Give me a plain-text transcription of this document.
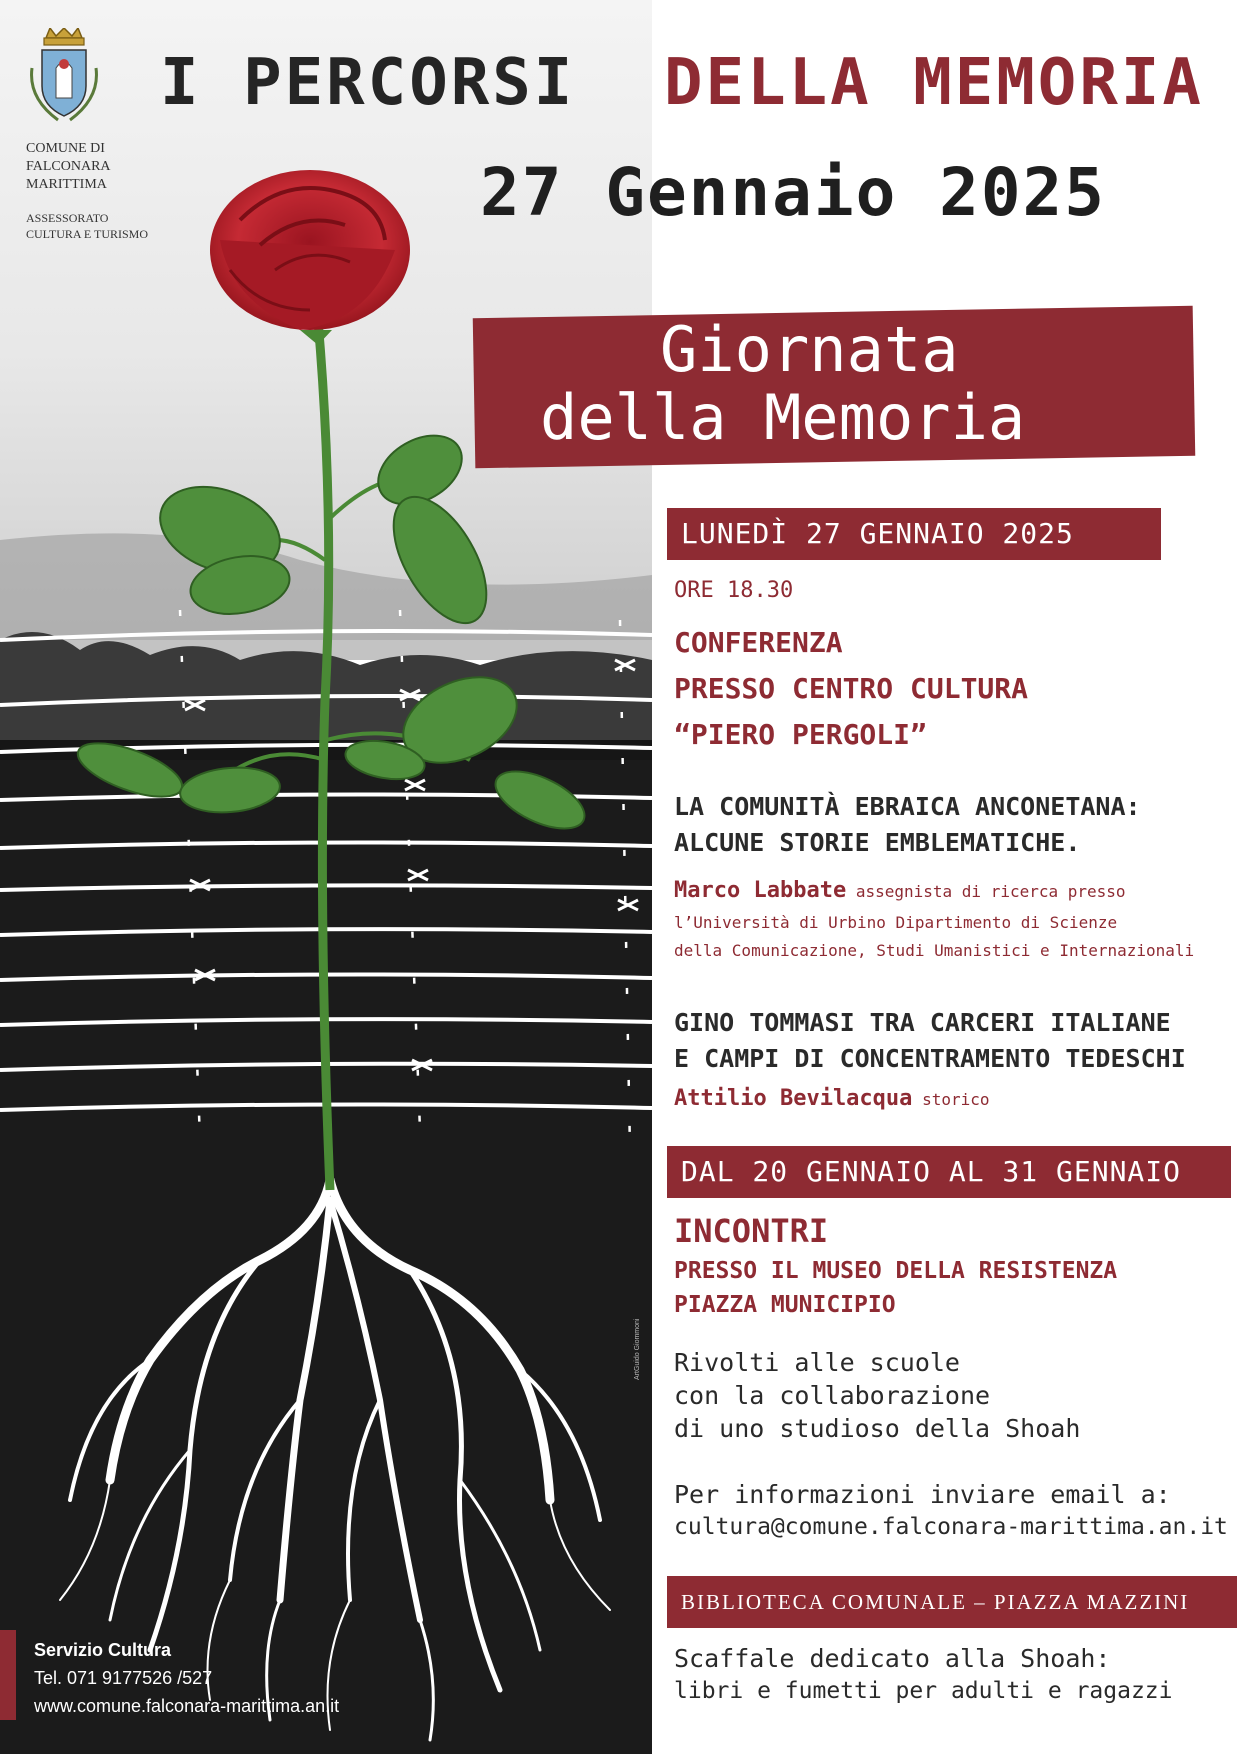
COMUNE DI
FALCONARA
MARITTIMA
ASSESSORATO
CULTURA E TURISMO
I PERCORSI DELLA MEMORIA
27 Gennaio 2025
Giornata
della Memoria
LUNEDÌ 27 GENNAIO 2025
ORE 18.30
CONFERENZA
PRESSO CENTRO CULTURA
“PIERO PERGOLI”
LA COMUNITÀ EBRAICA ANCONETANA:
ALCUNE STORIE EMBLEMATICHE.
Marco Labbate assegnista di ricerca presso
l’Università di Urbino Dipartimento di Scienze
della Comunicazione, Studi Umanistici e Internazionali
GINO TOMMASI TRA CARCERI ITALIANE
E CAMPI DI CONCENTRAMENTO TEDESCHI
Attilio Bevilacqua storico
DAL 20 GENNAIO AL 31 GENNAIO
INCONTRI
PRESSO IL MUSEO DELLA RESISTENZA
PIAZZA MUNICIPIO
Rivolti alle scuole
con la collaborazione
di uno studioso della Shoah
Per informazioni inviare email a:
cultura@comune.falconara-marittima.an.it
BIBLIOTECA COMUNALE – PIAZZA MAZZINI
Scaffale dedicato alla Shoah:
libri e fumetti per adulti e ragazzi
Servizio Cultura
Tel. 071 9177526 /527
www.comune.falconara-marittima.an.it
ArtGuido Giommoni
